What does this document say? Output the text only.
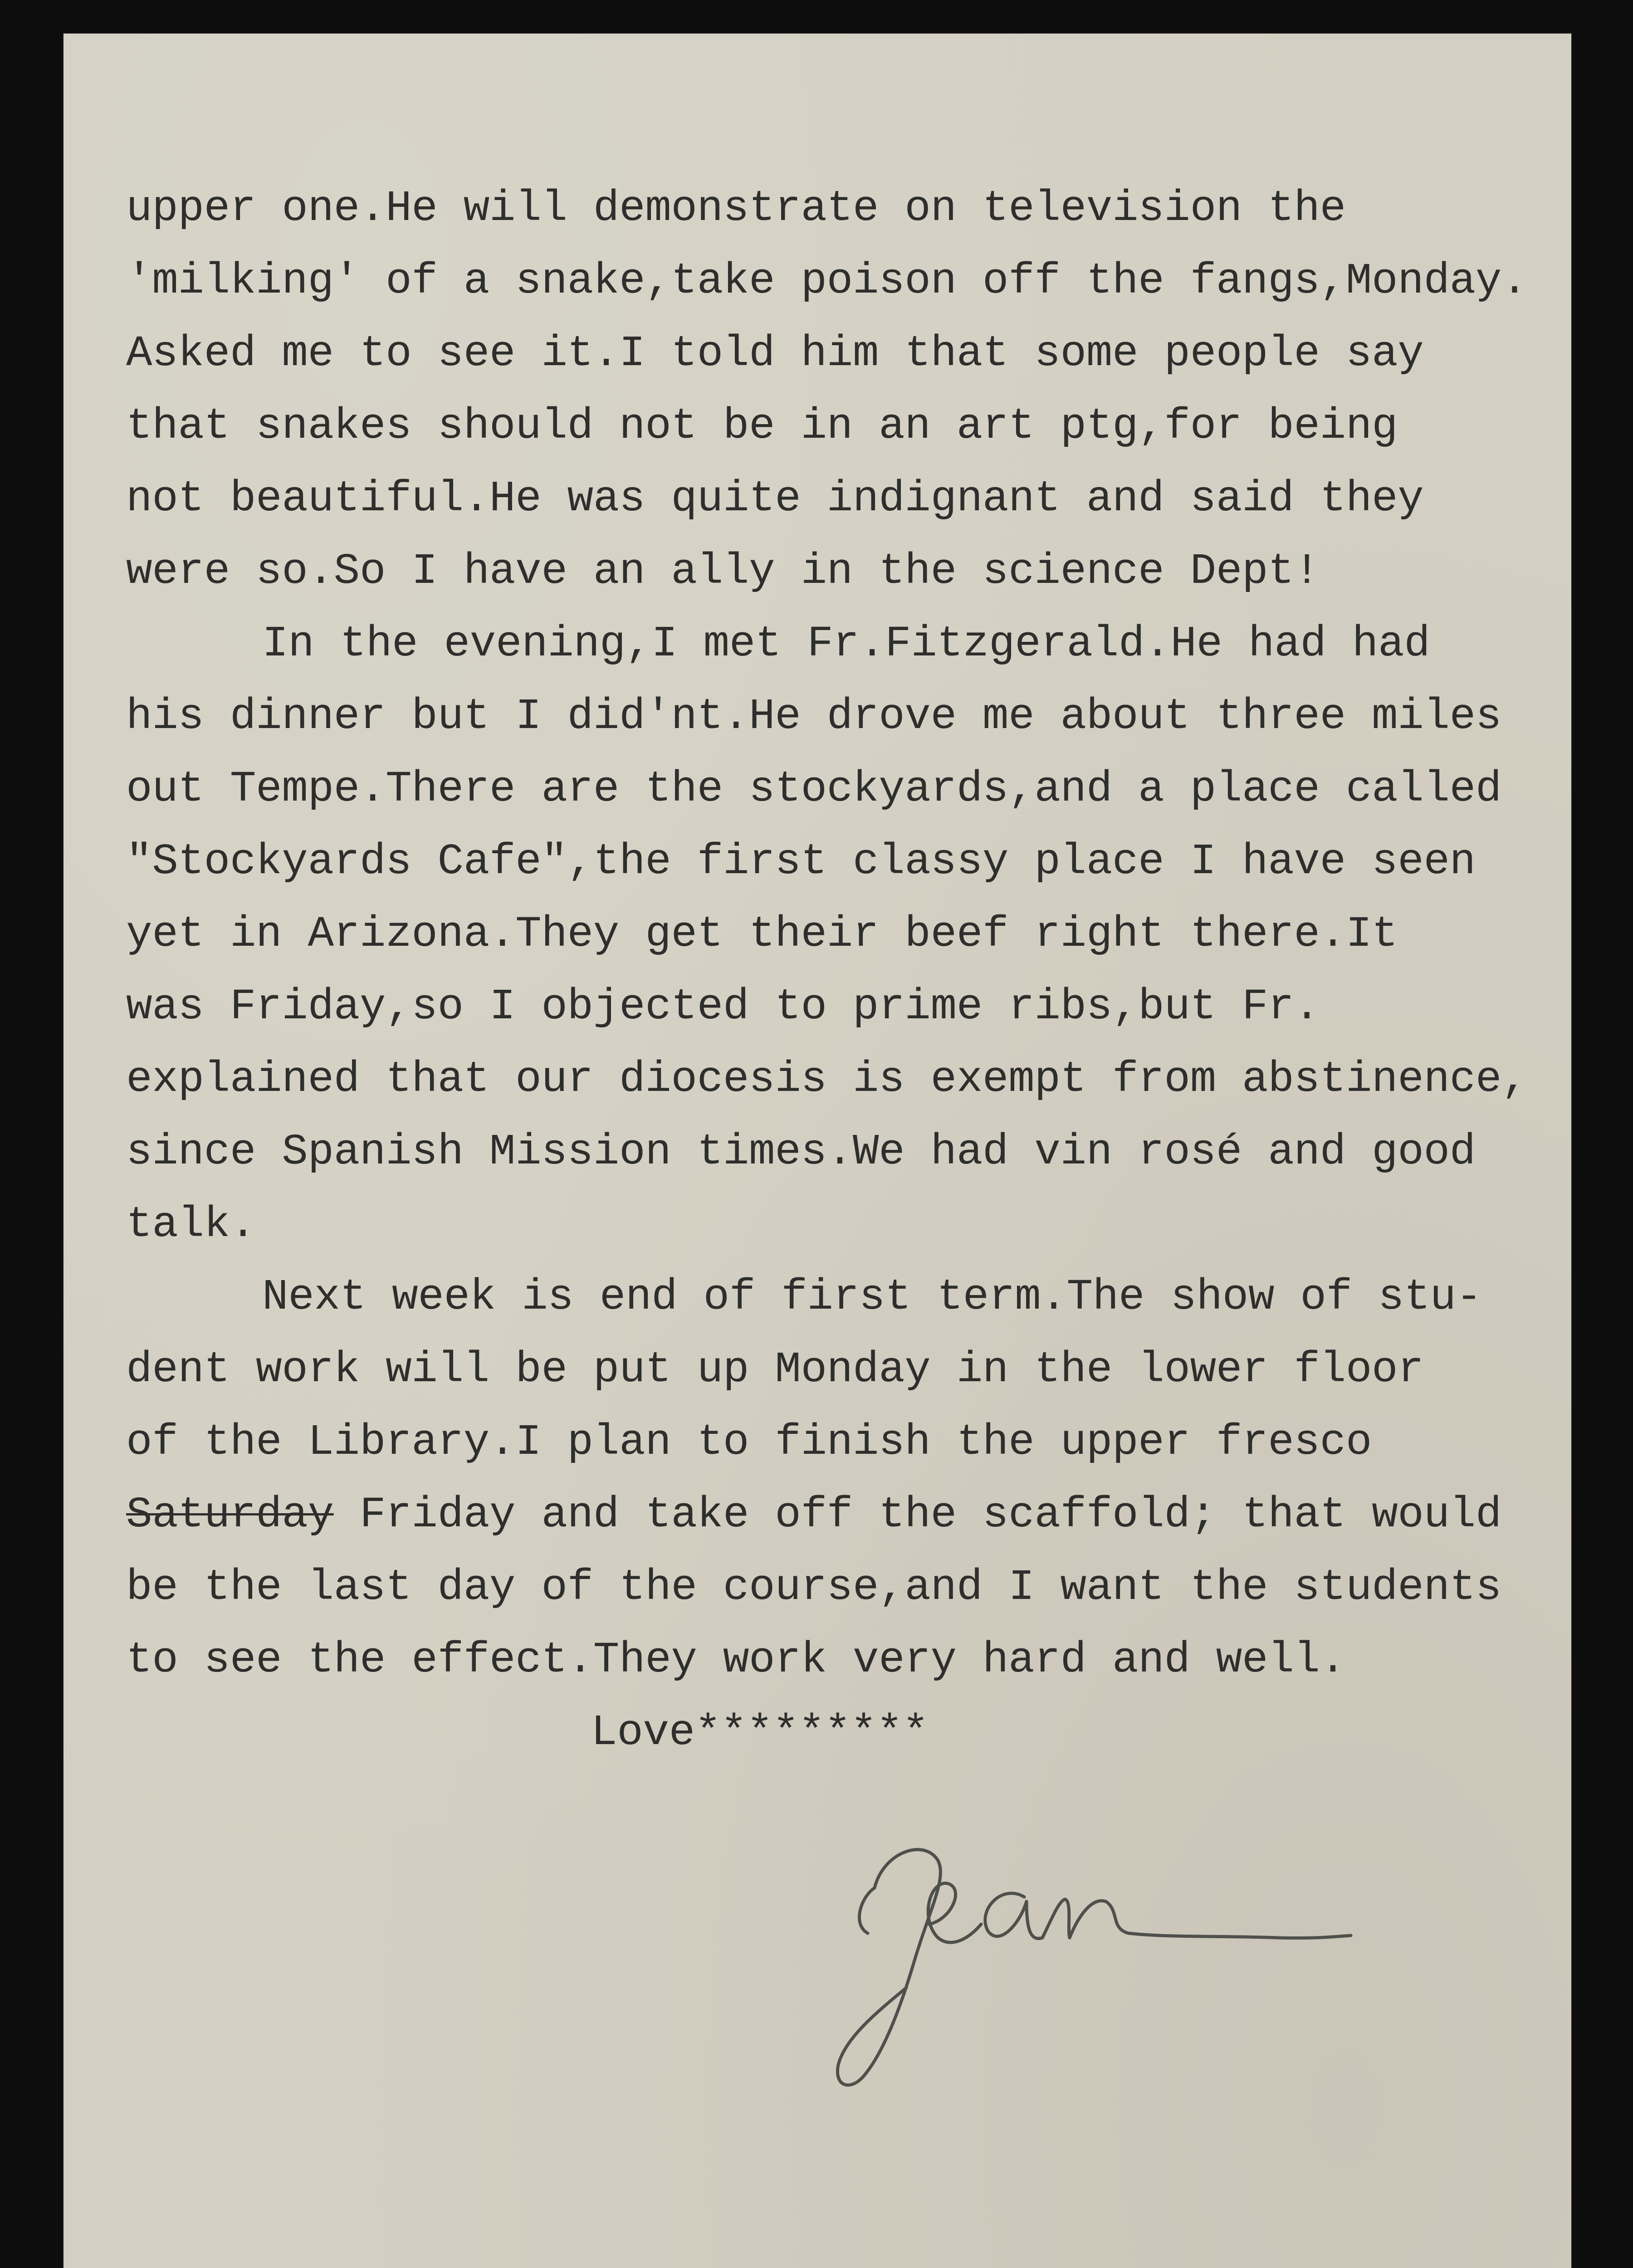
upper one.He will demonstrate on television the
'milking' of a snake,take poison off the fangs,Monday.
Asked me to see it.I told him that some people say
that snakes should not be in an art ptg,for being
not beautiful.He was quite indignant and said they
were so.So I have an ally in the science Dept!
In the evening,I met Fr.Fitzgerald.He had had
his dinner but I did'nt.He drove me about three miles
out Tempe.There are the stockyards,and a place called
"Stockyards Cafe",the first classy place I have seen
yet in Arizona.They get their beef right there.It
was Friday,so I objected to prime ribs,but Fr.
explained that our diocesis is exempt from abstinence,
since Spanish Mission times.We had vin rosé and good
talk.
Next week is end of first term.The show of stu-
dent work will be put up Monday in the lower floor
of the Library.I plan to finish the upper fresco
Saturday Friday and take off the scaffold; that would
be the last day of the course,and I want the students
to see the effect.They work very hard and well.
Love*********
